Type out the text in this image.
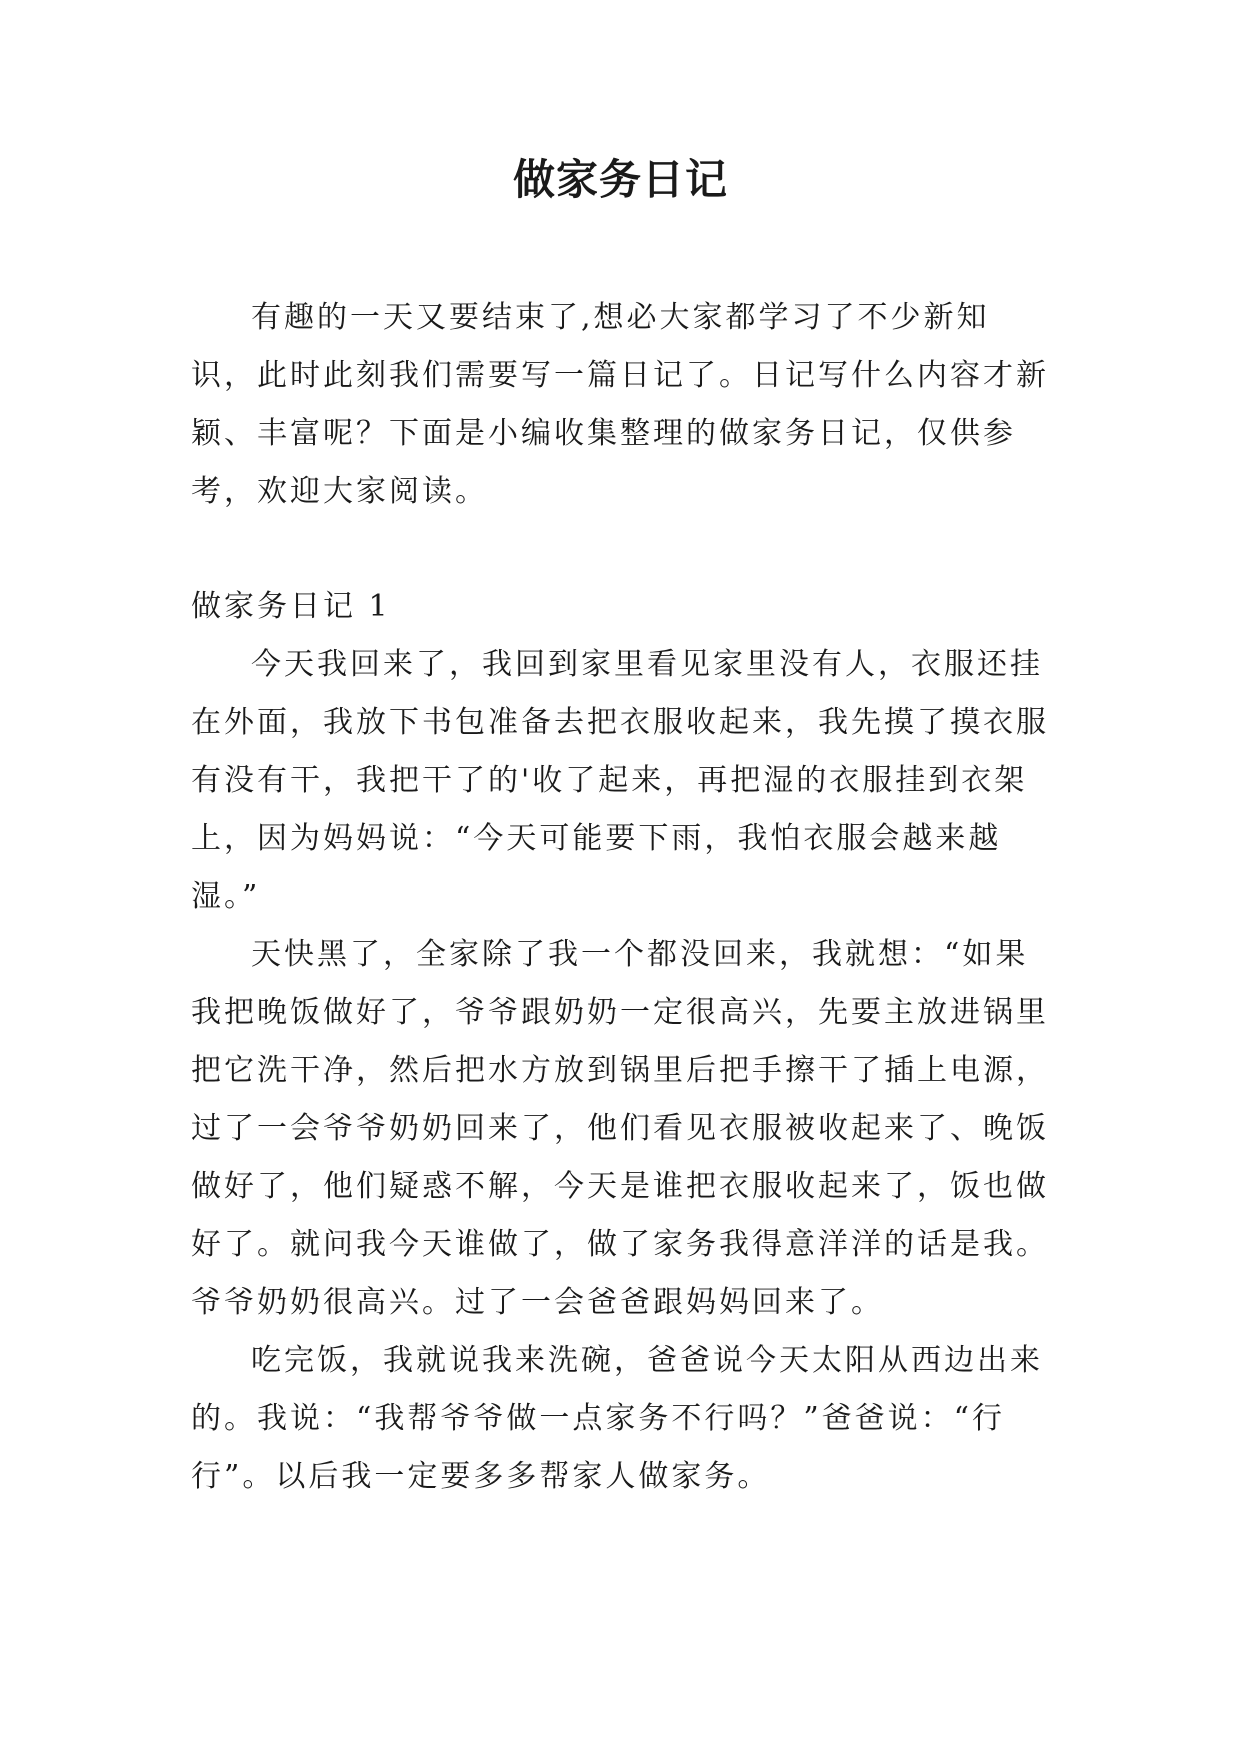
做家务日记

有趣的一天又要结束了,想必大家都学习了不少新知识，此时此刻我们需要写一篇日记了。日记写什么内容才新颖、丰富呢？下面是小编收集整理的做家务日记，仅供参考，欢迎大家阅读。

做家务日记 1

今天我回来了，我回到家里看见家里没有人，衣服还挂在外面，我放下书包准备去把衣服收起来，我先摸了摸衣服有没有干，我把干了的'收了起来，再把湿的衣服挂到衣架上，因为妈妈说：“今天可能要下雨，我怕衣服会越来越湿。”

天快黑了，全家除了我一个都没回来，我就想：“如果我把晚饭做好了，爷爷跟奶奶一定很高兴，先要主放进锅里把它洗干净，然后把水方放到锅里后把手擦干了插上电源，过了一会爷爷奶奶回来了，他们看见衣服被收起来了、晚饭做好了，他们疑惑不解，今天是谁把衣服收起来了，饭也做好了。就问我今天谁做了，做了家务我得意洋洋的话是我。爷爷奶奶很高兴。过了一会爸爸跟妈妈回来了。

吃完饭，我就说我来洗碗，爸爸说今天太阳从西边出来的。我说：“我帮爷爷做一点家务不行吗？”爸爸说：“行行”。以后我一定要多多帮家人做家务。
